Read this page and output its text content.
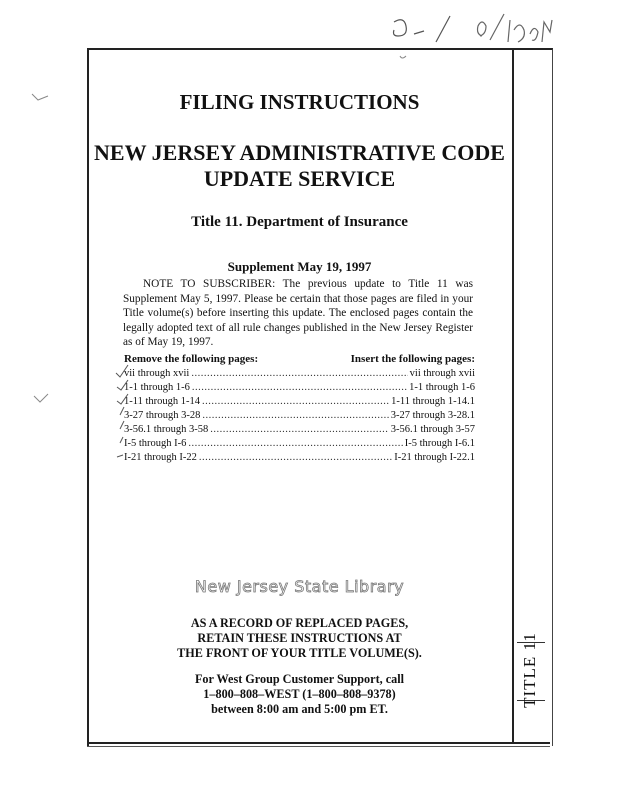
TITLE 11
FILING INSTRUCTIONS
NEW JERSEY ADMINISTRATIVE CODE
UPDATE SERVICE
Title 11. Department of Insurance
Supplement May 19, 1997
NOTE TO SUBSCRIBER: The previous update to Title 11 was Supplement May 5, 1997. Please be certain that those pages are filed in your Title volume(s) before inserting this update. The enclosed pages contain the legally adopted text of all rule changes published in the New Jersey Register as of May 19, 1997.
Remove the following pages:	Insert the following pages:
vii through xvii .....	vii through xvii
1-1 through 1-6 .....	1-1 through 1-6
1-11 through 1-14 .....	1-11 through 1-14.1
3-27 through 3-28 .....	3-27 through 3-28.1
3-56.1 through 3-58 .....	3-56.1 through 3-57
I-5 through I-6 .....	I-5 through I-6.1
I-21 through I-22 .....	I-21 through I-22.1
New Jersey State Library
AS A RECORD OF REPLACED PAGES,
RETAIN THESE INSTRUCTIONS AT
THE FRONT OF YOUR TITLE VOLUME(S).
For West Group Customer Support, call
1–800–808–WEST (1–800–808–9378)
between 8:00 am and 5:00 pm ET.
